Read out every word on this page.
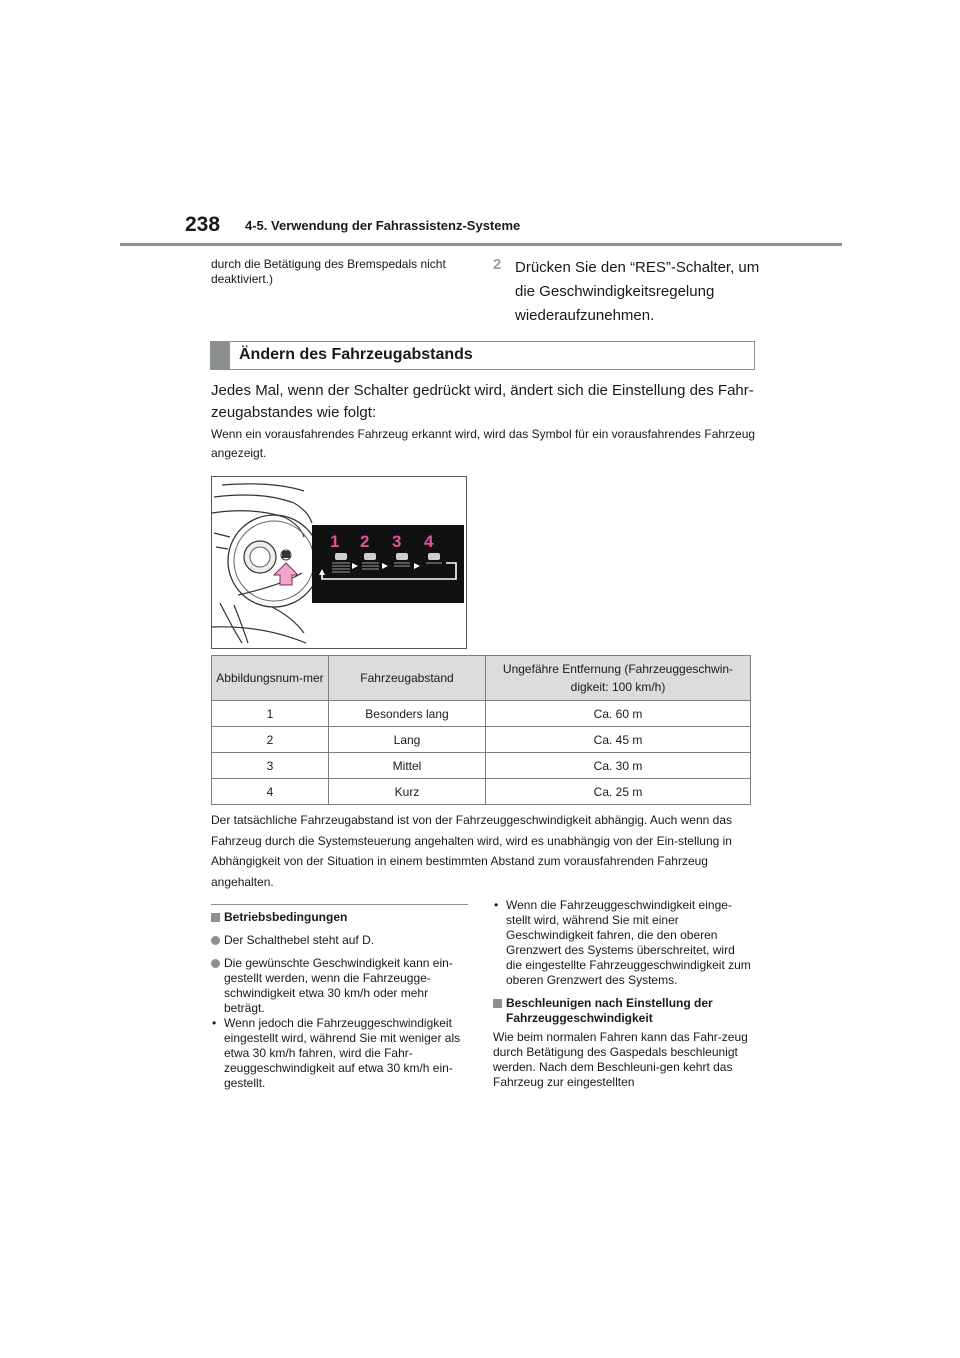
238 4-5. Verwendung der Fahrassistenz-Systeme
durch die Betätigung des Bremspedals nicht deaktiviert.)
2 Drücken Sie den “RES”-Schalter, um die Geschwindigkeitsregelung wiederaufzunehmen.
Ändern des Fahrzeugabstands
Jedes Mal, wenn der Schalter gedrückt wird, ändert sich die Einstellung des Fahr-zeugabstandes wie folgt:
Wenn ein vorausfahrendes Fahrzeug erkannt wird, wird das Symbol für ein vorausfahrendes Fahrzeug angezeigt.
1 2 3 4
Abbildungsnum-mer	Fahrzeugabstand	Ungefähre Entfernung (Fahrzeuggeschwin-digkeit: 100 km/h)
1	Besonders lang	Ca. 60 m
2	Lang	Ca. 45 m
3	Mittel	Ca. 30 m
4	Kurz	Ca. 25 m
Der tatsächliche Fahrzeugabstand ist von der Fahrzeuggeschwindigkeit abhängig. Auch wenn das Fahrzeug durch die Systemsteuerung angehalten wird, wird es unabhängig von der Ein-stellung in Abhängigkeit von der Situation in einem bestimmten Abstand zum vorausfahrenden Fahrzeug angehalten.
Betriebsbedingungen
Der Schalthebel steht auf D.
Die gewünschte Geschwindigkeit kann ein-gestellt werden, wenn die Fahrzeugge-schwindigkeit etwa 30 km/h oder mehr beträgt.
• Wenn jedoch die Fahrzeuggeschwindigkeit eingestellt wird, während Sie mit weniger als etwa 30 km/h fahren, wird die Fahr-zeuggeschwindigkeit auf etwa 30 km/h ein-gestellt.
• Wenn die Fahrzeuggeschwindigkeit einge-stellt wird, während Sie mit einer Geschwindigkeit fahren, die den oberen Grenzwert des Systems überschreitet, wird die eingestellte Fahrzeuggeschwindigkeit zum oberen Grenzwert des Systems.
Beschleunigen nach Einstellung der Fahrzeuggeschwindigkeit
Wie beim normalen Fahren kann das Fahr-zeug durch Betätigung des Gaspedals beschleunigt werden. Nach dem Beschleuni-gen kehrt das Fahrzeug zur eingestellten
